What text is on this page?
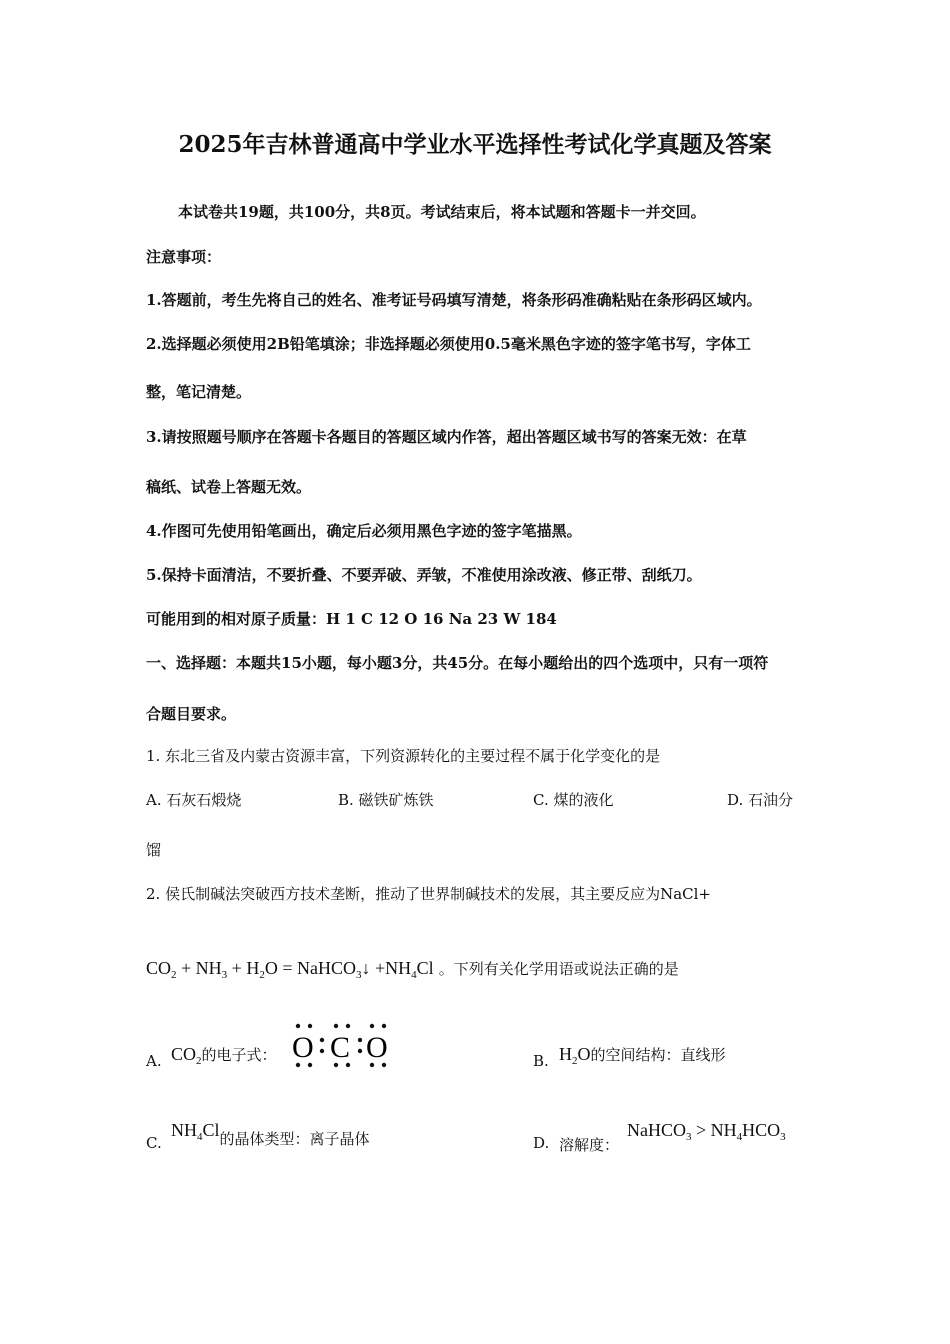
2025年吉林普通高中学业水平选择性考试化学真题及答案
本试卷共19题，共100分，共8页。考试结束后，将本试题和答题卡一并交回。
注意事项：
1.答题前，考生先将自己的姓名、准考证号码填写清楚，将条形码准确粘贴在条形码区域内。
2.选择题必须使用2B铅笔填涂；非选择题必须使用0.5毫米黑色字迹的签字笔书写，字体工
整，笔记清楚。
3.请按照题号顺序在答题卡各题目的答题区域内作答，超出答题区域书写的答案无效：在草
稿纸、试卷上答题无效。
4.作图可先使用铅笔画出，确定后必须用黑色字迹的签字笔描黑。
5.保持卡面清洁，不要折叠、不要弄破、弄皱，不准使用涂改液、修正带、刮纸刀。
可能用到的相对原子质量：H 1 C 12 O 16 Na 23 W 184
一、选择题：本题共15小题，每小题3分，共45分。在每小题给出的四个选项中，只有一项符
合题目要求。
1. 东北三省及内蒙古资源丰富，下列资源转化的主要过程不属于化学变化的是
A. 石灰石煅烧	B. 磁铁矿炼铁	C. 煤的液化	D. 石油分
馏
2. 侯氏制碱法突破西方技术垄断，推动了世界制碱技术的发展，其主要反应为NaCl+
$CO_2 + NH_3 + H_2O$ = NaHCO$_3$↓ $+NH_4Cl$ 。下列有关化学用语或说法正确的是
A. $CO_2$的电子式： O C O	B. $H_2O$的空间结构：直线形
C.
$NH_4Cl$的晶体类型：离子晶体	D. 溶解度：
NaHCO$_3$ > $NH_4HCO_3$
